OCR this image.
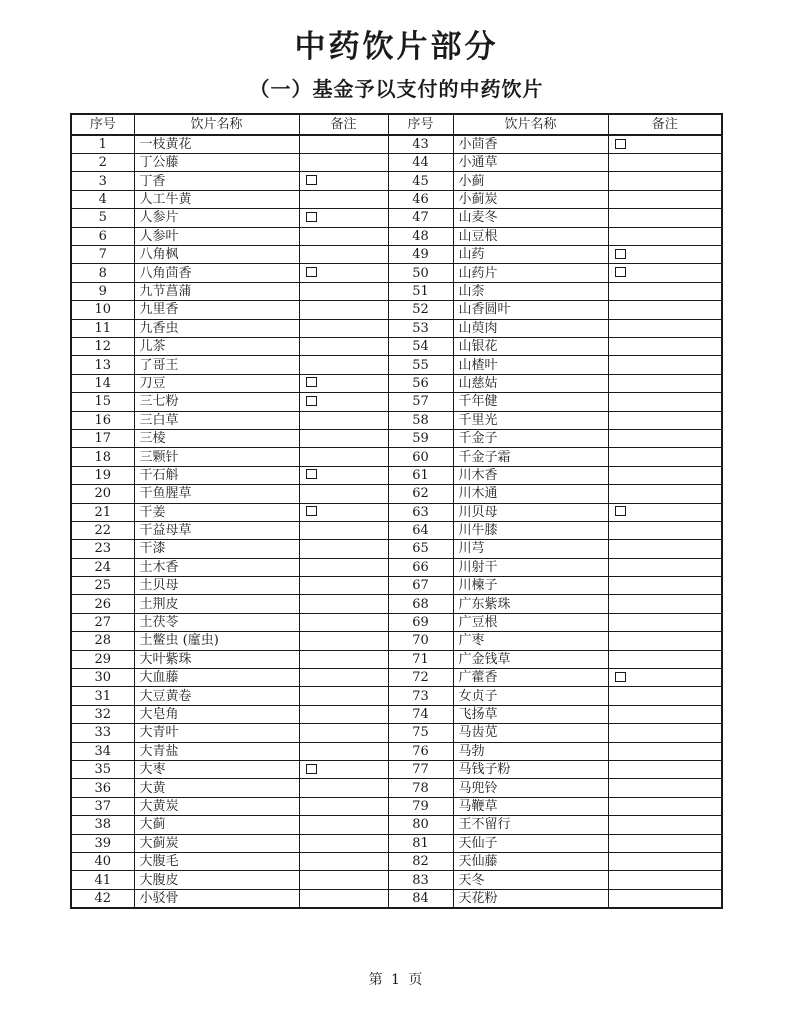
中药饮片部分
（一）基金予以支付的中药饮片
序号	饮片名称	备注	序号	饮片名称	备注
1	一枝黄花		43	小茴香	
2	丁公藤		44	小通草	
3	丁香		45	小蓟	
4	人工牛黄		46	小蓟炭	
5	人参片		47	山麦冬	
6	人参叶		48	山豆根	
7	八角枫		49	山药	
8	八角茴香		50	山药片	
9	九节菖蒲		51	山柰	
10	九里香		52	山香圆叶	
11	九香虫		53	山萸肉	
12	儿茶		54	山银花	
13	了哥王		55	山楂叶	
14	刀豆		56	山慈姑	
15	三七粉		57	千年健	
16	三白草		58	千里光	
17	三棱		59	千金子	
18	三颗针		60	千金子霜	
19	干石斛		61	川木香	
20	干鱼腥草		62	川木通	
21	干姜		63	川贝母	
22	干益母草		64	川牛膝	
23	干漆		65	川芎	
24	土木香		66	川射干	
25	土贝母		67	川楝子	
26	土荆皮		68	广东紫珠	
27	土茯苓		69	广豆根	
28	土鳖虫 (廑虫)		70	广枣	
29	大叶紫珠		71	广金钱草	
30	大血藤		72	广藿香	
31	大豆黄卷		73	女贞子	
32	大皂角		74	飞扬草	
33	大青叶		75	马齿苋	
34	大青盐		76	马勃	
35	大枣		77	马钱子粉	
36	大黄		78	马兜铃	
37	大黄炭		79	马鞭草	
38	大蓟		80	王不留行	
39	大蓟炭		81	天仙子	
40	大腹毛		82	天仙藤	
41	大腹皮		83	天冬	
42	小驳骨		84	天花粉	
第 1 页
